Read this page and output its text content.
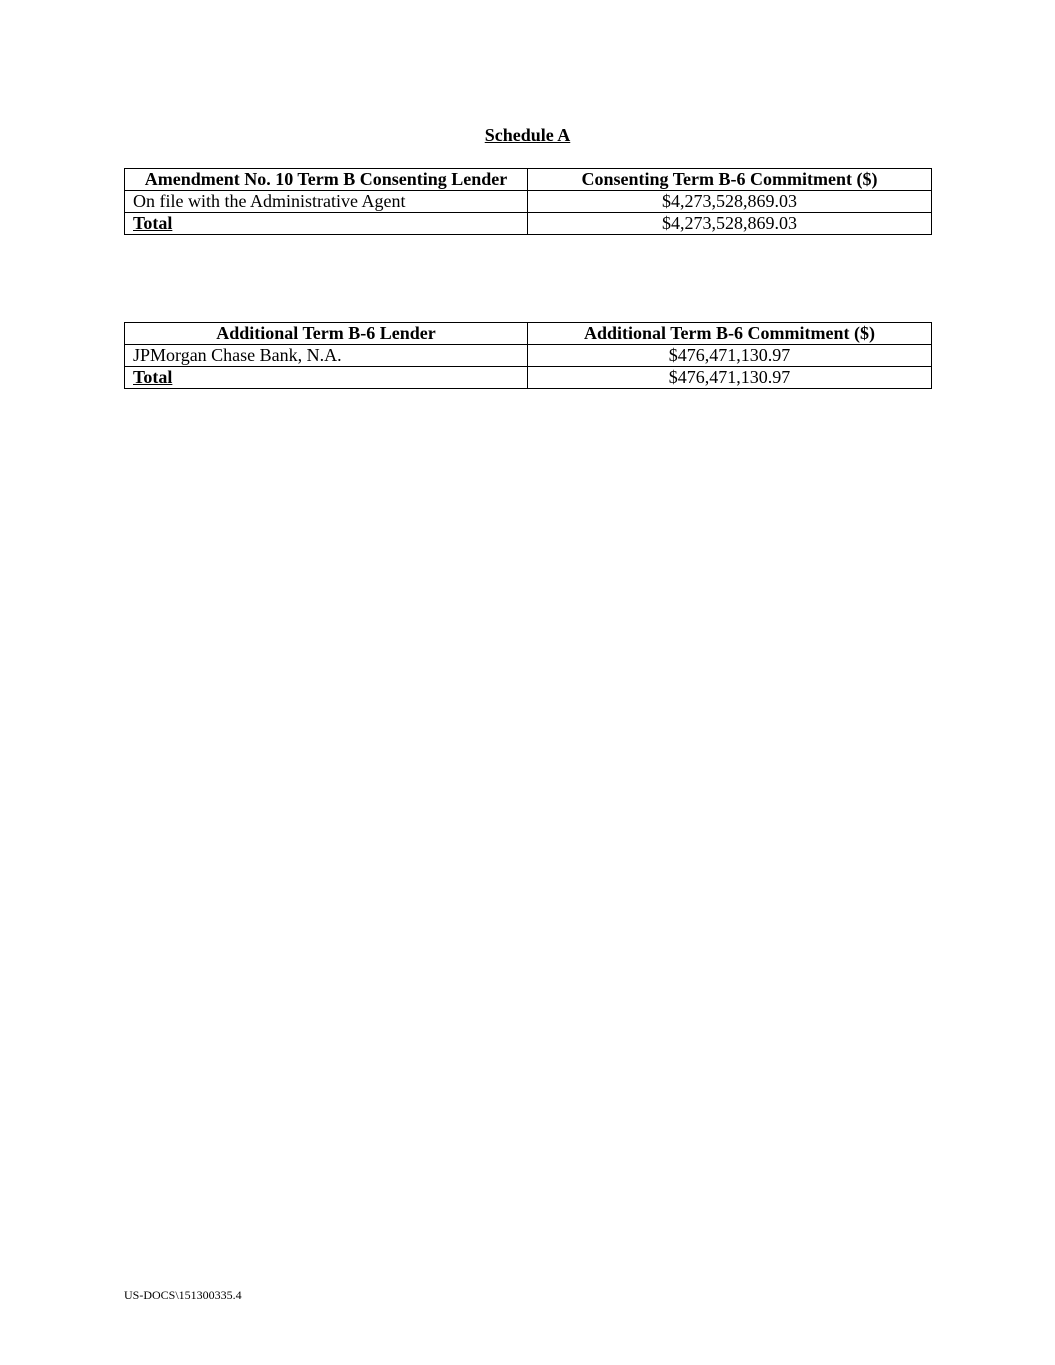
Schedule A
Amendment No. 10 Term B Consenting Lender	Consenting Term B-6 Commitment ($)
On file with the Administrative Agent	$4,273,528,869.03
Total	$4,273,528,869.03
Additional Term B-6 Lender	Additional Term B-6 Commitment ($)
JPMorgan Chase Bank, N.A.	$476,471,130.97
Total	$476,471,130.97
US-DOCS\151300335.4
